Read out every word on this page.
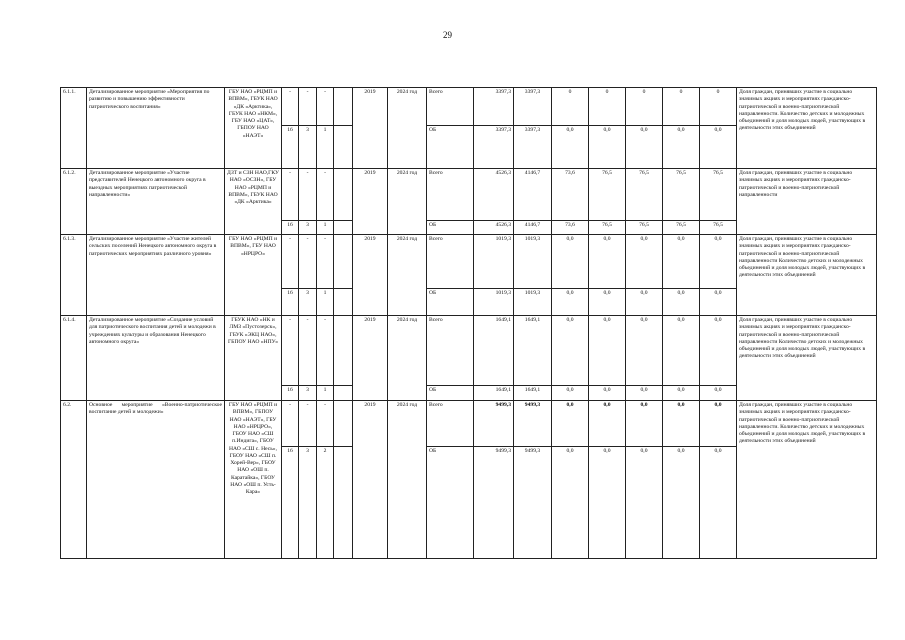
29
6.1.1.	Детализированное мероприятие «Мероприятия по развитию и повышению эффективности патриотического воспитания»	ГБУ НАО «РЦМП и ВПВМ», ГБУК НАО «ДК «Арктика», ГБУК НАО «НКМ», ГБУ НАО «ЦАТ», ГБПОУ НАО «НАЭТ»	-	-	-		2019	2024 год	Всего	3397,3	3397,3	0	0	0	0	0	Доля граждан, принявших участие в социально значимых акциях и мероприятиях гражданско-патриотической и военно-патриотической направленности. Количество детских и молодежных объединений и доля молодых людей, участвующих в деятельности этих объединений
			16	3	1				ОБ	3397,3	3397,3	0,0	0,0	0,0	0,0	0,0	
6.1.2.	Детализированное мероприятие «Участие представителей Ненецкого автономного округа в выездных мероприятиях патриотической направленности»	ДЗТ и СЗН НАО,ГКУ НАО «ОСЗН», ГБУ НАО «РЦМП и ВПВМ», ГБУК НАО «ДК «Арктика»	-	-	-		2019	2024 год	Всего	4526,3	4146,7	73,6	76,5	76,5	76,5	76,5	Доля граждан, принявших участие в социально значимых акциях и мероприятиях гражданско-патриотической и военно-патриотической направленности
			16	3	1				ОБ	4526,3	4146,7	73,6	76,5	76,5	76,5	76,5	
6.1.3.	Детализированное мероприятие «Участие жителей сельских поселений Ненецкого автономного округа в патриотических мероприятиях различного уровня»	ГБУ НАО «РЦМП и ВПВМ», ГБУ НАО «НРЦРО»	-	-	-		2019	2024 год	Всего	1019,3	1019,3	0,0	0,0	0,0	0,0	0,0	Доля граждан, принявших участие в социально значимых акциях и мероприятиях гражданско-патриотической и военно-патриотической направленности Количество детских и молодежных объединений и доля молодых людей, участвующих в деятельности этих объединений
			16	3	1				ОБ	1019,3	1019,3	0,0	0,0	0,0	0,0	0,0	
6.1.4.	Детализированное мероприятие «Создание условий для патриотического воспитания детей и молодежи в учреждениях культуры и образования Ненецкого автономного округа»	ГБУК НАО «НК и ЛМЗ «Пустозерск», ГБУК «ЭКЦ НАО», ГБПОУ НАО «НПУ»	-	-	-		2019	2024 год	Всего	1649,1	1649,1	0,0	0,0	0,0	0,0	0,0	Доля граждан, принявших участие в социально значимых акциях и мероприятиях гражданско-патриотической и военно-патриотической направленности Количество детских и молодежных объединений и доля молодых людей, участвующих в деятельности этих объединений
			16	3	1				ОБ	1649,1	1649,1	0,0	0,0	0,0	0,0	0,0	
6.2.	Основное мероприятие «Военно-патриотическое воспитание детей и молодежи»	ГБУ НАО «РЦМП и ВПВМ», ГБПОУ НАО «НАЭТ», ГБУ НАО «НРЦРО», ГБОУ НАО «СШ п.Индига», ГБОУ НАО «СШ с. Несь», ГБОУ НАО «СШ п. Хорей-Вер», ГБОУ НАО «ОШ п. Каратайка», ГБОУ НАО «ОШ п. Усть-Кара»	-	-	-		2019	2024 год	Всего	9499,3	9499,3	0,0	0,0	0,0	0,0	0,0	Доля граждан, принявших участие в социально значимых акциях и мероприятиях гражданско-патриотической и военно-патриотической направленности. Количество детских и молодежных объединений и доля молодых людей, участвующих в деятельности этих объединений
			16	3	2				ОБ	9499,3	9499,3	0,0	0,0	0,0	0,0	0,0	
